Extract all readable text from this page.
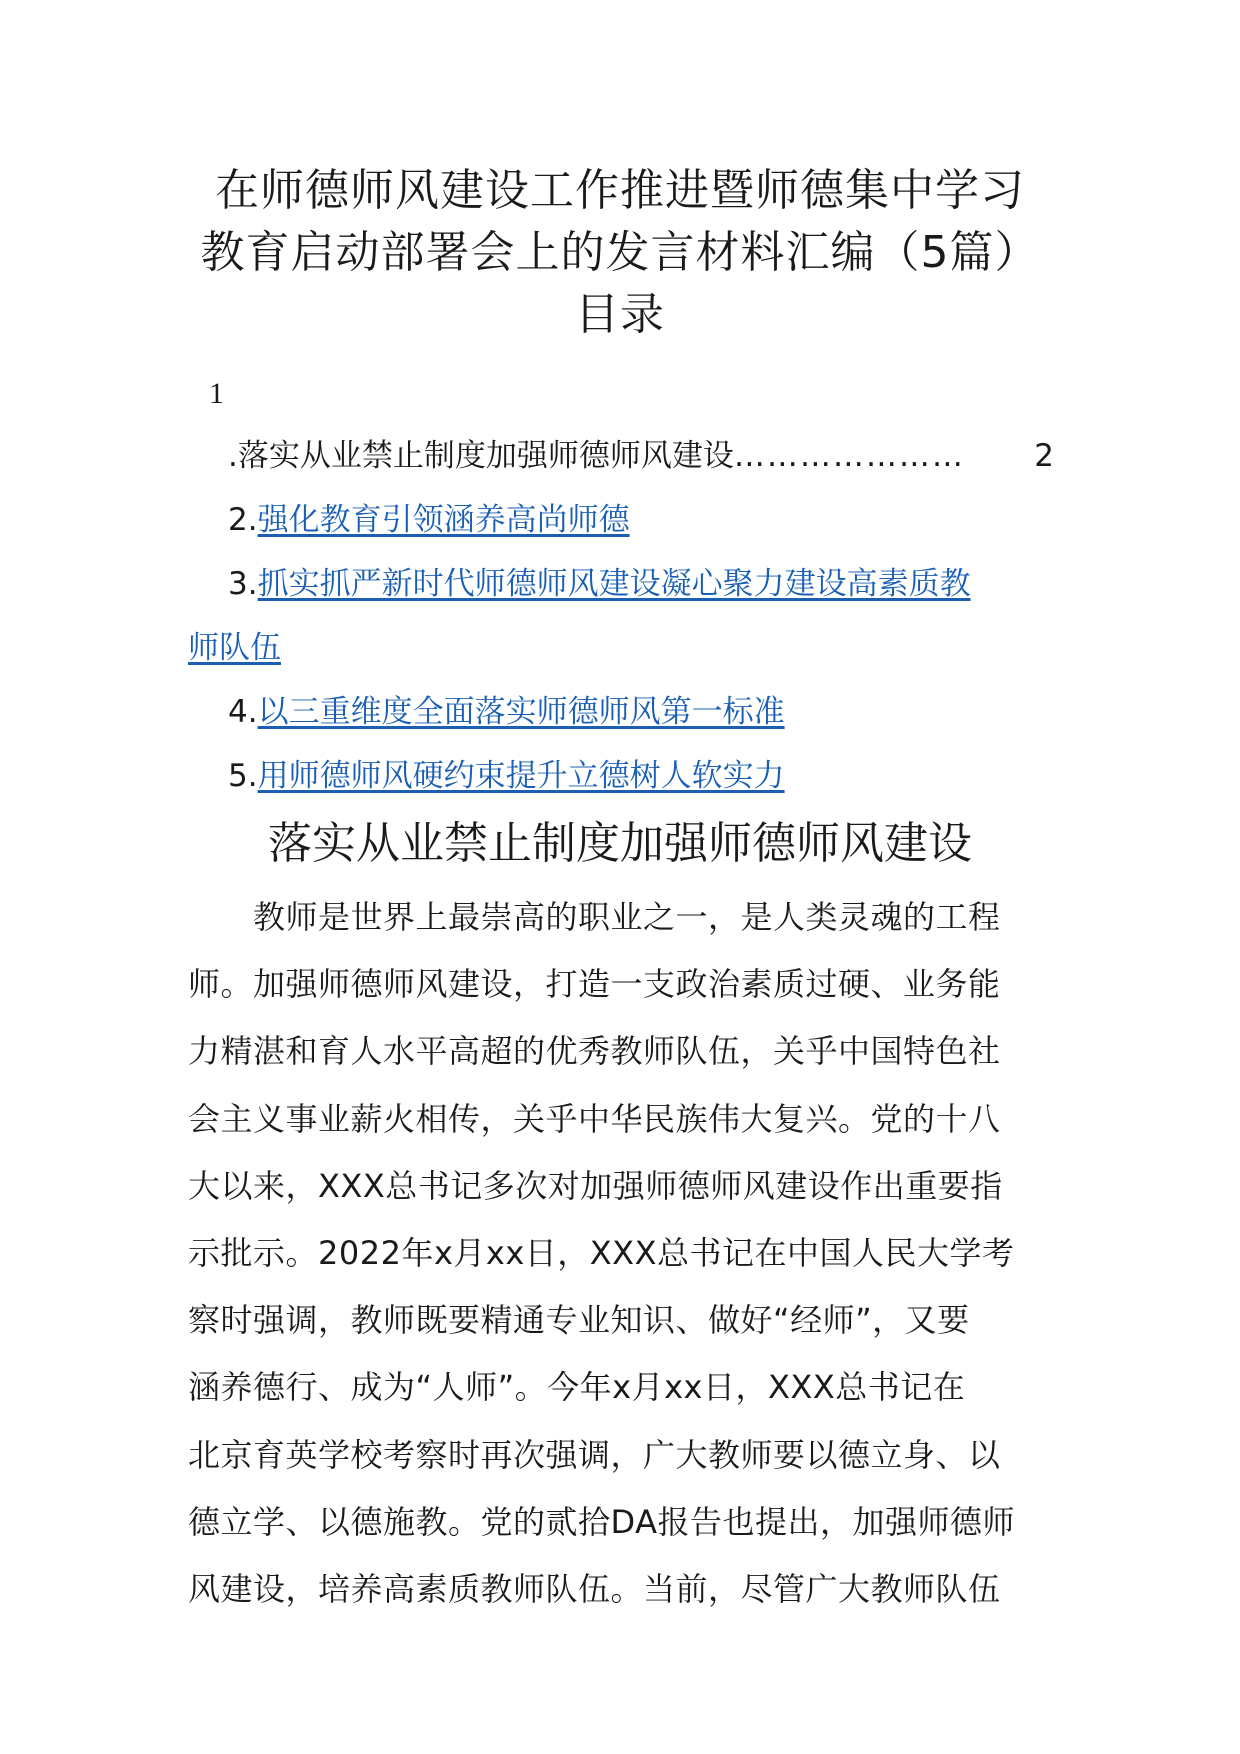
在师德师风建设工作推进暨师德集中学习
教育启动部署会上的发言材料汇编（5篇）
目录
1
.落实从业禁止制度加强师德师风建设 …………………	2
2.强化教育引领涵养高尚师德
3.抓实抓严新时代师德师风建设凝心聚力建设高素质教
师队伍
4.以三重维度全面落实师德师风第一标准
5.用师德师风硬约束提升立德树人软实力
落实从业禁止制度加强师德师风建设
　　教师是世界上最崇高的职业之一，是人类灵魂的工程
师。加强师德师风建设，打造一支政治素质过硬、业务能
力精湛和育人水平高超的优秀教师队伍，关乎中国特色社
会主义事业薪火相传，关乎中华民族伟大复兴。党的十八
大以来，XXX总书记多次对加强师德师风建设作出重要指
示批示。2022年x月xx日，XXX总书记在中国人民大学考
察时强调，教师既要精通专业知识、做好“经师”，又要
涵养德行、成为“人师”。今年x月xx日，XXX总书记在
北京育英学校考察时再次强调，广大教师要以德立身、以
德立学、以德施教。党的贰拾DA报告也提出，加强师德师
风建设，培养高素质教师队伍。当前，尽管广大教师队伍
